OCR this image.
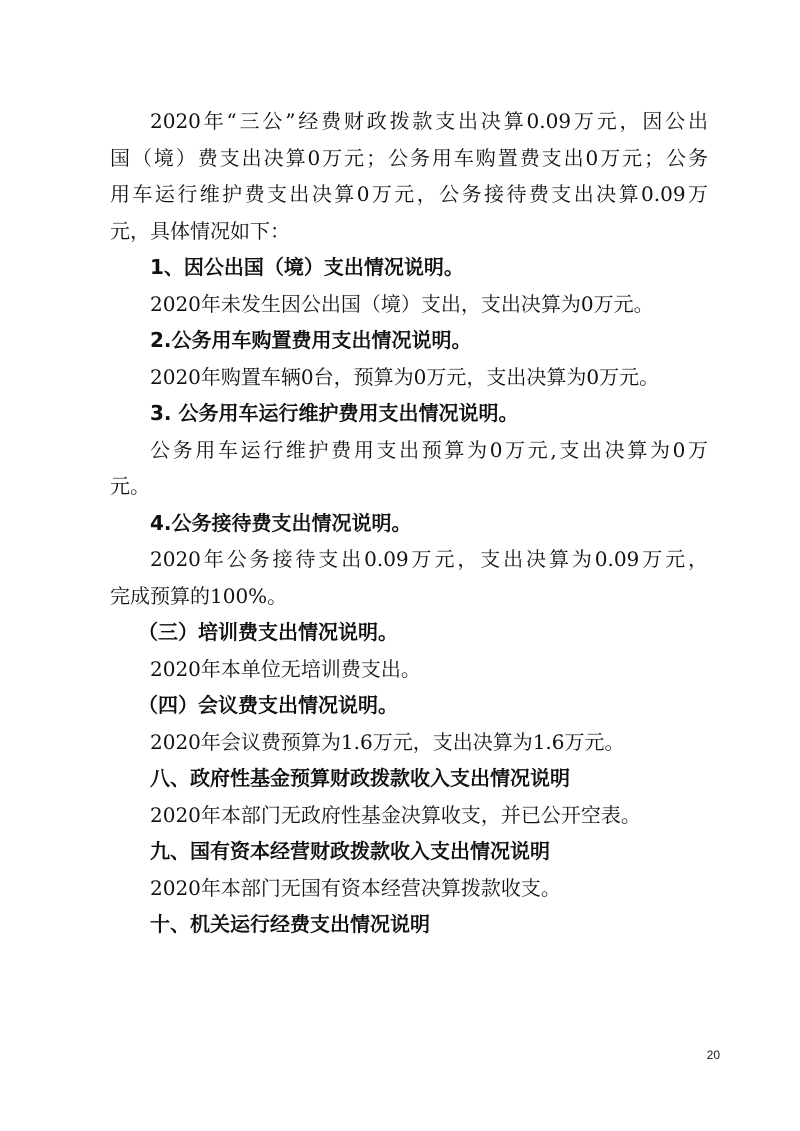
2020年“三公”经费财政拨款支出决算0.09万元，因公出

国（境）费支出决算0万元；公务用车购置费支出0万元；公务

用车运行维护费支出决算0万元，公务接待费支出决算0.09万

元，具体情况如下：

1、因公出国（境）支出情况说明。

2020年未发生因公出国（境）支出，支出决算为0万元。

2.公务用车购置费用支出情况说明。

2020年购置车辆0台，预算为0万元，支出决算为0万元。

3. 公务用车运行维护费用支出情况说明。

公务用车运行维护费用支出预算为0万元,支出决算为0万

元。

4.公务接待费支出情况说明。

2020年公务接待支出0.09万元，支出决算为0.09万元，

完成预算的100%。

（三）培训费支出情况说明。

2020年本单位无培训费支出。

（四）会议费支出情况说明。

2020年会议费预算为1.6万元，支出决算为1.6万元。

八、政府性基金预算财政拨款收入支出情况说明

2020年本部门无政府性基金决算收支，并已公开空表。

九、国有资本经营财政拨款收入支出情况说明

2020年本部门无国有资本经营决算拨款收支。

十、机关运行经费支出情况说明

20
